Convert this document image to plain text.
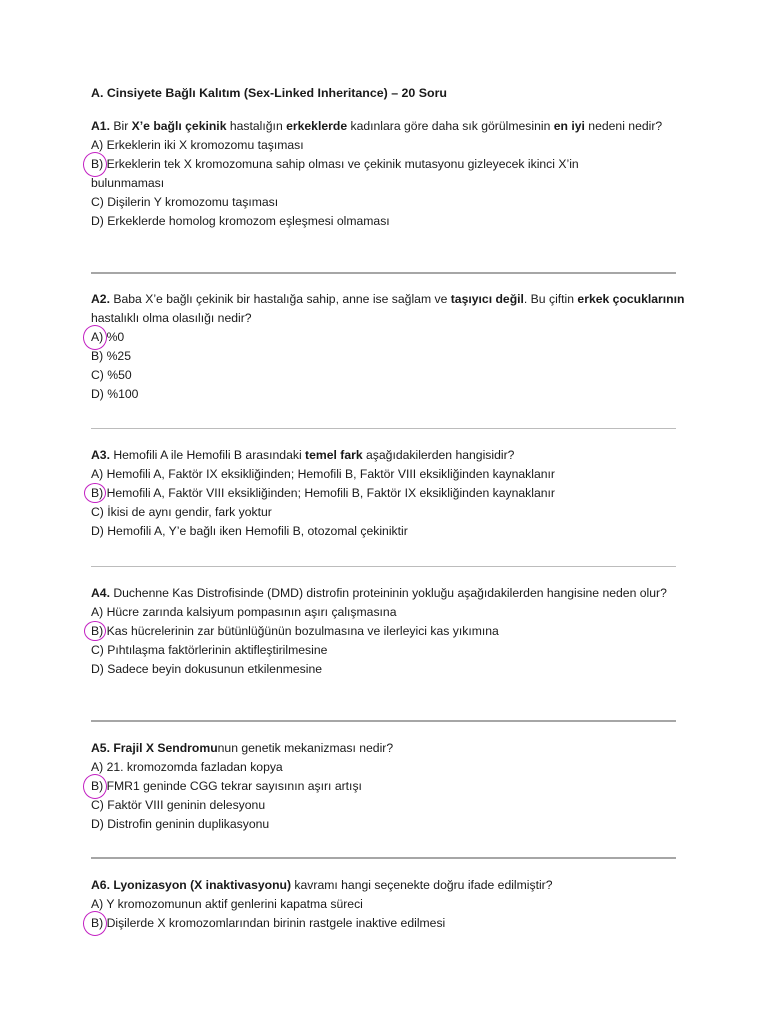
A. Cinsiyete Bağlı Kalıtım (Sex-Linked Inheritance) – 20 Soru

A1. Bir X’e bağlı çekinik hastalığın erkeklerde kadınlara göre daha sık görülmesinin en iyi nedeni nedir?

A) Erkeklerin iki X kromozomu taşıması
B) Erkeklerin tek X kromozomuna sahip olması ve çekinik mutasyonu gizleyecek ikinci X’in
bulunmaması
C) Dişilerin Y kromozomu taşıması
D) Erkeklerde homolog kromozom eşleşmesi olmaması

A2. Baba X’e bağlı çekinik bir hastalığa sahip, anne ise sağlam ve taşıyıcı değil. Bu çiftin erkek çocuklarının hastalıklı olma olasılığı nedir?

A) %0
B) %25
C) %50
D) %100

A3. Hemofili A ile Hemofili B arasındaki temel fark aşağıdakilerden hangisidir?

A) Hemofili A, Faktör IX eksikliğinden; Hemofili B, Faktör VIII eksikliğinden kaynaklanır
B) Hemofili A, Faktör VIII eksikliğinden; Hemofili B, Faktör IX eksikliğinden kaynaklanır
C) İkisi de aynı gendir, fark yoktur
D) Hemofili A, Y’e bağlı iken Hemofili B, otozomal çekiniktir

A4. Duchenne Kas Distrofisinde (DMD) distrofin proteininin yokluğu aşağıdakilerden hangisine neden olur?

A) Hücre zarında kalsiyum pompasının aşırı çalışmasına
B) Kas hücrelerinin zar bütünlüğünün bozulmasına ve ilerleyici kas yıkımına
C) Pıhtılaşma faktörlerinin aktifleştirilmesine
D) Sadece beyin dokusunun etkilenmesine

A5. Frajil X Sendromunun genetik mekanizması nedir?

A) 21. kromozomda fazladan kopya
B) FMR1 geninde CGG tekrar sayısının aşırı artışı
C) Faktör VIII geninin delesyonu
D) Distrofin geninin duplikasyonu

A6. Lyonizasyon (X inaktivasyonu) kavramı hangi seçenekte doğru ifade edilmiştir?

A) Y kromozomunun aktif genlerini kapatma süreci
B) Dişilerde X kromozomlarından birinin rastgele inaktive edilmesi
